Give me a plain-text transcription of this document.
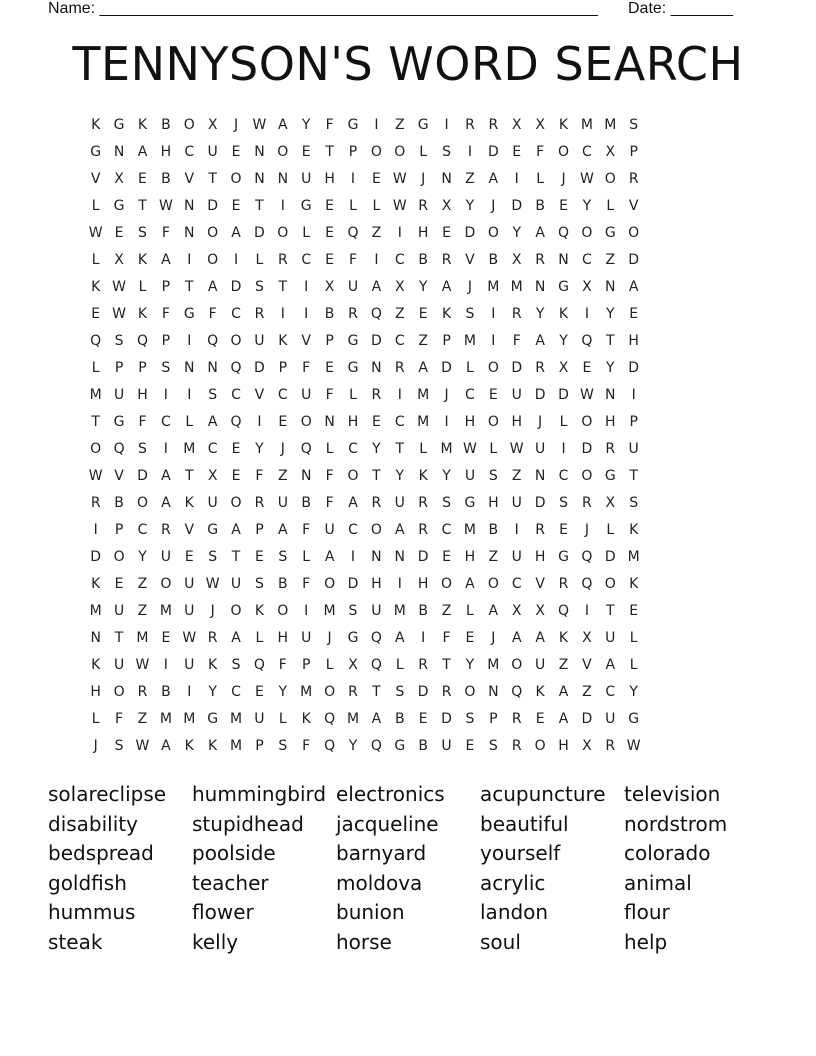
Name: ________________________________________________________ Date: _______
TENNYSON'S WORD SEARCH
K G K	B O X	J	W A	Y	F G	I	Z G	I	R R X X	K M M S
G N A H C U E N O E	T	P O O L	S	I	D E	F O C X	P
V X	E	B V	T O N N U H	I	E W	J	N Z A	I	L	J	W O R
L	G T W N D E	T	I	G E	L	L W R X	Y	J	D B	E	Y	L	V
W E	S	F	N O A D O L	E Q Z	I	H E D O Y	A Q O G O
L	X	K	A	I	O	I	L	R C	E	F	I	C B R V B X R N C Z D
K W L	P	T	A D S	T	I	X U A X	Y	A	J	M M N G X N A
E W K	F G F	C R	I	I	B R Q Z	E	K	S	I	R	Y	K	I	Y	E
Q S Q P	I	Q O U K	V	P G D C Z	P M	I	F	A	Y Q T H
L	P	P	S N N Q D P	F	E G N R A D	L O D R X	E	Y D
M U H	I	I	S	C V C U	F	L	R	I	M	J	C	E U D D W N	I
T G F	C	L	A Q	I	E O N H E	C M	I	H O H	J	L O H P
O Q S	I	M C	E	Y	J	Q L	C	Y	T	L M W L W U	I	D R U
W V D A	T	X	E	F	Z N	F O T	Y	K	Y U S	Z N C O G T
R B O A	K U O R U B	F	A R U R	S G H U D S	R X	S
I	P	C R V G A	P	A	F	U C O A R C M B	I	R	E	J	L	K
D O Y U E	S	T	E	S	L	A	I	N N D E H Z U H G Q D M
K	E	Z O U W U S	B	F O D H	I	H O A O C V R Q O K
M U Z M U	J	O K O	I	M S U M B Z	L	A X X Q	I	T	E
N T M E W R A	L	H U	J	G Q A	I	F	E	J	A A	K	X U	L
K U W	I	U K	S Q F	P	L	X Q L	R	T	Y M O U Z V A	L
H O R B	I	Y	C	E	Y M O R	T	S D R O N Q K	A Z C	Y
L	F	Z M M G M U	L	K Q M A B	E D S	P	R	E	A D U G
J	S W A	K	K M P	S	F Q Y Q G B U E	S	R O H X R W
solareclipse	hummingbird electronics	acupuncture television
disability	stupidhead	jacqueline	beautiful	nordstrom
bedspread	poolside	barnyard	yourself	colorado
goldfish	teacher	moldova	acrylic	animal
hummus	flower	bunion	landon	flour
steak	kelly	horse	soul	help
